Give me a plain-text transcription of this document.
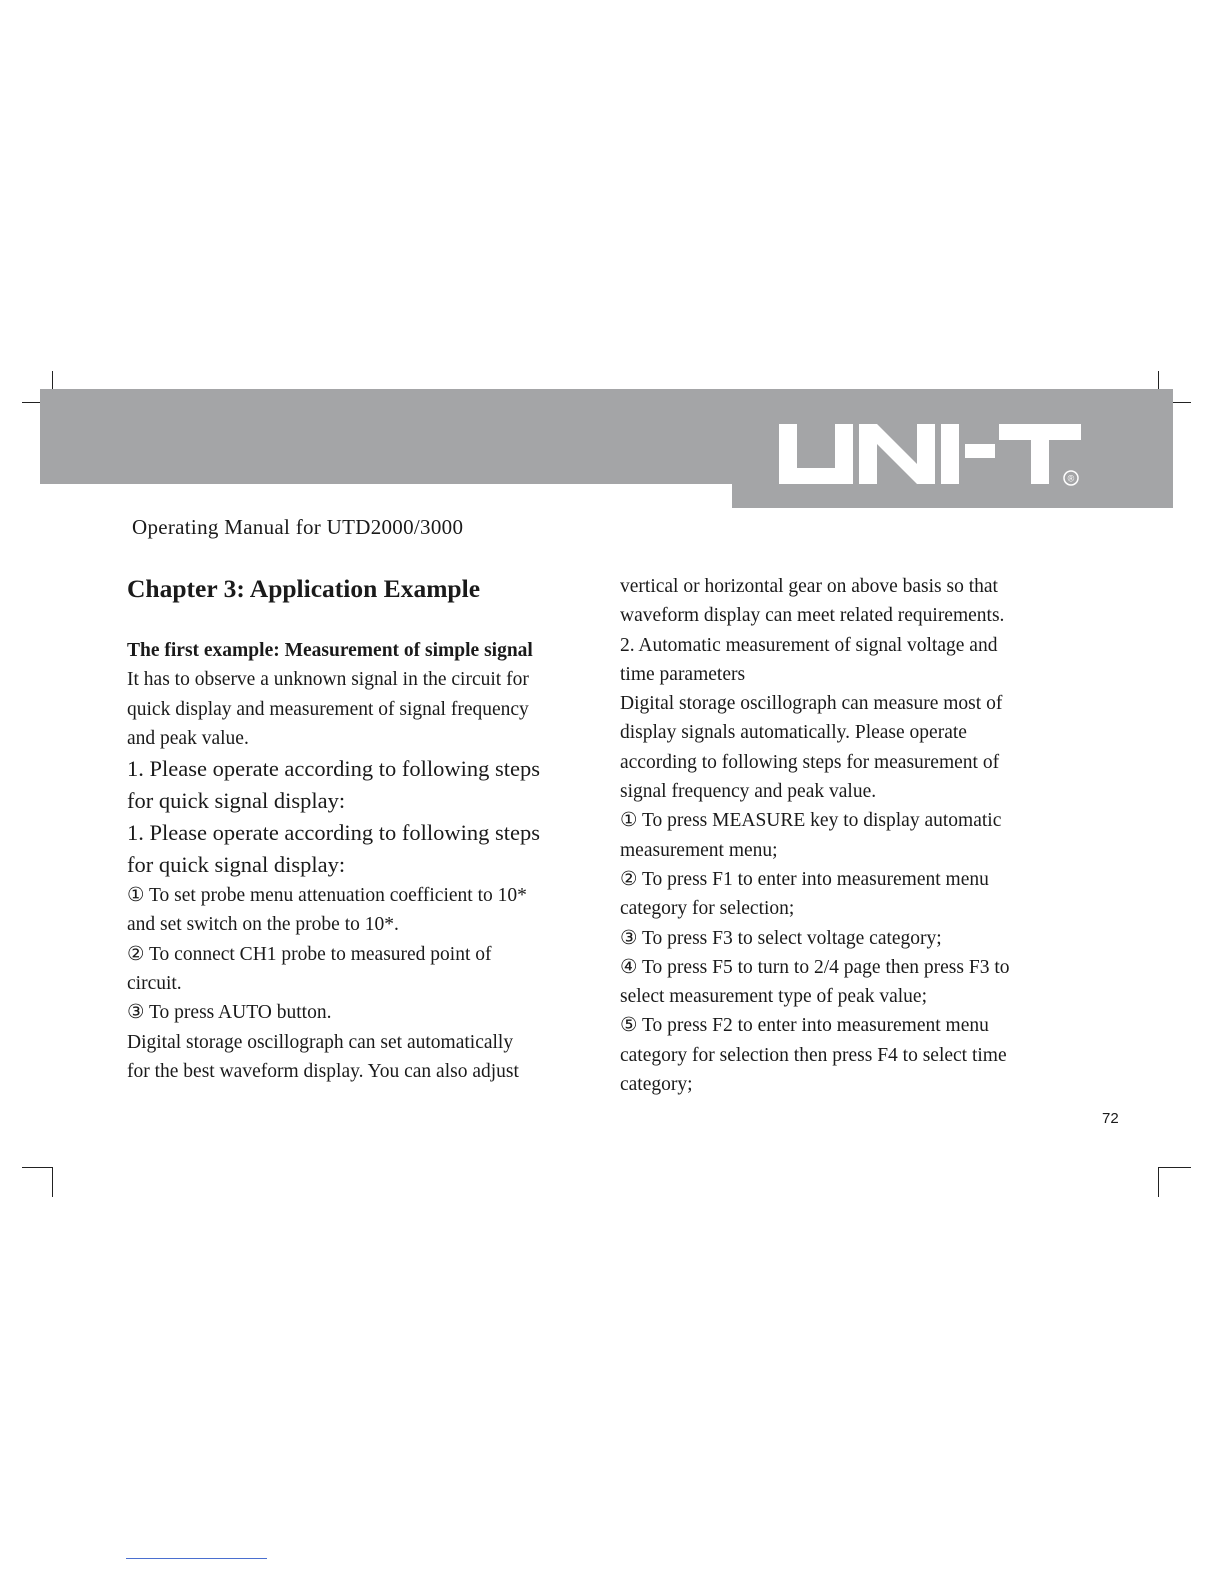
®
Operating Manual for UTD2000/3000

Chapter 3: Application Example

The first example: Measurement of simple signal

It has to observe a unknown signal in the circuit for

quick display and measurement of signal frequency

and peak value.

1. Please operate according to following steps

for quick signal display:

1. Please operate according to following steps

for quick signal display:

① To set probe menu attenuation coefficient to 10*

and set switch on the probe to 10*.

② To connect CH1 probe to measured point of

circuit.

③ To press AUTO button.

Digital storage oscillograph can set automatically

for the best waveform display. You can also adjust

vertical or horizontal gear on above basis so that

waveform display can meet related requirements.

2. Automatic measurement of signal voltage and

time parameters

Digital storage oscillograph can measure most of

display signals automatically. Please operate

according to following steps for measurement of

signal frequency and peak value.

① To press MEASURE key to display automatic

measurement menu;

② To press F1 to enter into measurement menu

category for selection;

③ To press F3 to select voltage category;

④ To press F5 to turn to 2/4 page then press F3 to

select measurement type of peak value;

⑤ To press F2 to enter into measurement menu

category for selection then press F4 to select time

category;

72
